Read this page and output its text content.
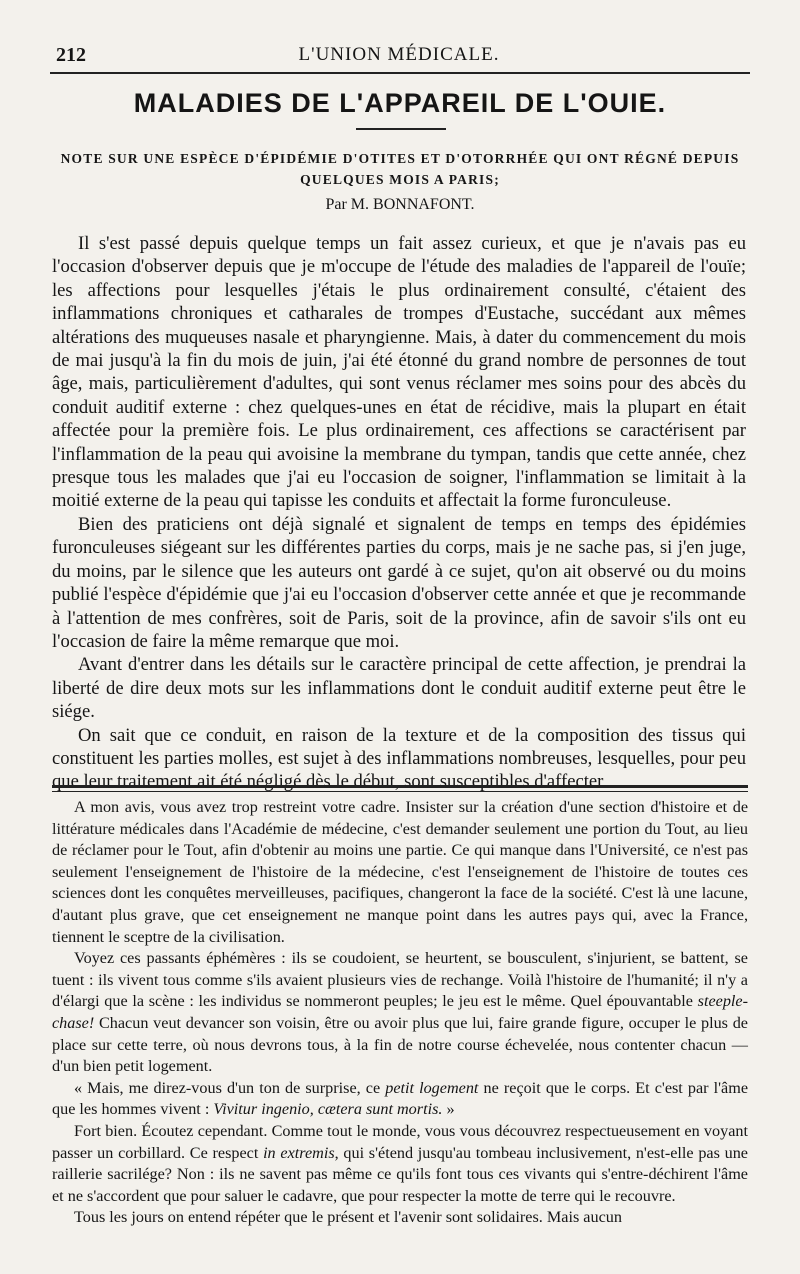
212	L'UNION MÉDICALE.
MALADIES DE L'APPAREIL DE L'OUIE.
NOTE SUR UNE ESPÈCE D'ÉPIDÉMIE D'OTITES ET D'OTORRHÉE QUI ONT RÉGNÉ DEPUIS
QUELQUES MOIS A PARIS;
Par M. BONNAFONT.

Il s'est passé depuis quelque temps un fait assez curieux, et que je n'avais pas eu l'occasion d'observer depuis que je m'occupe de l'étude des maladies de l'appareil de l'ouïe; les affections pour lesquelles j'étais le plus ordinairement consulté, c'étaient des inflammations chroniques et catharales de trompes d'Eustache, succédant aux mêmes altérations des muqueuses nasale et pharyngienne. Mais, à dater du commencement du mois de mai jusqu'à la fin du mois de juin, j'ai été étonné du grand nombre de personnes de tout âge, mais, particulièrement d'adultes, qui sont venus réclamer mes soins pour des abcès du conduit auditif externe : chez quelques-unes en état de récidive, mais la plupart en était affectée pour la première fois. Le plus ordinairement, ces affections se caractérisent par l'inflammation de la peau qui avoisine la membrane du tympan, tandis que cette année, chez presque tous les malades que j'ai eu l'occasion de soigner, l'inflammation se limitait à la moitié externe de la peau qui tapisse les conduits et affectait la forme furonculeuse.

Bien des praticiens ont déjà signalé et signalent de temps en temps des épidémies furonculeuses siégeant sur les différentes parties du corps, mais je ne sache pas, si j'en juge, du moins, par le silence que les auteurs ont gardé à ce sujet, qu'on ait observé ou du moins publié l'espèce d'épidémie que j'ai eu l'occasion d'observer cette année et que je recommande à l'attention de mes confrères, soit de Paris, soit de la province, afin de savoir s'ils ont eu l'occasion de faire la même remarque que moi.

Avant d'entrer dans les détails sur le caractère principal de cette affection, je prendrai la liberté de dire deux mots sur les inflammations dont le conduit auditif externe peut être le siége.

On sait que ce conduit, en raison de la texture et de la composition des tissus qui constituent les parties molles, est sujet à des inflammations nombreuses, lesquelles, pour peu que leur traitement ait été négligé dès le début, sont susceptibles d'affecter

A mon avis, vous avez trop restreint votre cadre. Insister sur la création d'une section d'histoire et de littérature médicales dans l'Académie de médecine, c'est demander seulement une portion du Tout, au lieu de réclamer pour le Tout, afin d'obtenir au moins une partie. Ce qui manque dans l'Université, ce n'est pas seulement l'enseignement de l'histoire de la médecine, c'est l'enseignement de l'histoire de toutes ces sciences dont les conquêtes merveilleuses, pacifiques, changeront la face de la société. C'est là une lacune, d'autant plus grave, que cet enseignement ne manque point dans les autres pays qui, avec la France, tiennent le sceptre de la civilisation.

Voyez ces passants éphémères : ils se coudoient, se heurtent, se bousculent, s'injurient, se battent, se tuent : ils vivent tous comme s'ils avaient plusieurs vies de rechange. Voilà l'histoire de l'humanité; il n'y a d'élargi que la scène : les individus se nommeront peuples; le jeu est le même. Quel épouvantable steeple-chase! Chacun veut devancer son voisin, être ou avoir plus que lui, faire grande figure, occuper le plus de place sur cette terre, où nous devrons tous, à la fin de notre course échevelée, nous contenter chacun — d'un bien petit logement.

« Mais, me direz-vous d'un ton de surprise, ce petit logement ne reçoit que le corps. Et c'est par l'âme que les hommes vivent : Vivitur ingenio, cætera sunt mortis. »

Fort bien. Écoutez cependant. Comme tout le monde, vous vous découvrez respectueusement en voyant passer un corbillard. Ce respect in extremis, qui s'étend jusqu'au tombeau inclusivement, n'est-elle pas une raillerie sacrilége? Non : ils ne savent pas même ce qu'ils font tous ces vivants qui s'entre-déchirent l'âme et ne s'accordent que pour saluer le cadavre, que pour respecter la motte de terre qui le recouvre.

Tous les jours on entend répéter que le présent et l'avenir sont solidaires. Mais aucun
